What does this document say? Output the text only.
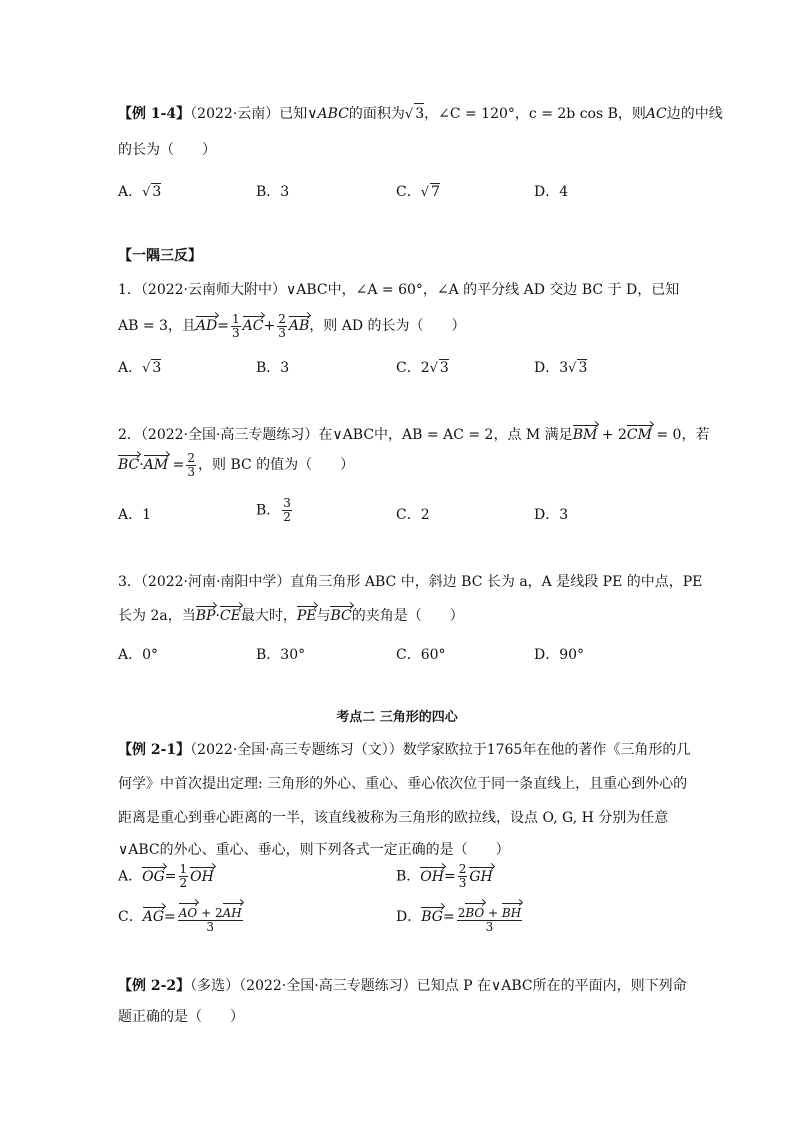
【例 1-4】（2022·云南）已知∨ABC的面积为√ 3，∠C = 120°，c = 2b cos B，则AC边的中线
的长为（　　）
A．√ 3	B．3	C．√ 7	D．4
【一隅三反】
1．（2022·云南师大附中）∨ABC中，∠A = 60°，∠A 的平分线 AD 交边 BC 于 D，已知
AB = 3，且$AD= \frac{1}{3} AC+ \frac{2}{3}$ AB，则 AD 的长为（　　）
A．√ 3	B．3	C．2√ 3	D．3√ 3
2．（2022·全国·高三专题练习）在∨ABC中，AB = AC = 2，点 M 满足BM + 2CM = 0，若
$BC\cdot AM = \frac{2}{3}$ ，则 BC 的值为（　　）
A．1	B． $\frac{3}{2}$	C．2	D．3
3．（2022·河南·南阳中学）直角三角形 ABC 中，斜边 BC 长为 a，A 是线段 PE 的中点，PE
长为 2a，当BP·CE最大时，PE与BC的夹角是（　　）
A．0°	B．30°	C．60°	D．90°
考点二 三角形的四心
【例 2-1】（2022·全国·高三专题练习（文））数学家欧拉于1765年在他的著作《三角形的几
何学》中首次提出定理: 三角形的外心、重心、垂心依次位于同一条直线上，且重心到外心的
距离是重心到垂心距离的一半，该直线被称为三角形的欧拉线，设点 O, G, H 分别为任意
∨ABC的外心、重心、垂心，则下列各式一定正确的是（　　）
A．$OG= \frac{1}{2}$ OH	B．$OH= \frac{2}{3}$ GH
C．$AG= \frac{AO + 2AH}{3}$	D．$BG= \frac{2BO + BH}{3}$
【例 2-2】（多选）（2022·全国·高三专题练习）已知点 P 在∨ABC所在的平面内，则下列命
题正确的是（　　）
